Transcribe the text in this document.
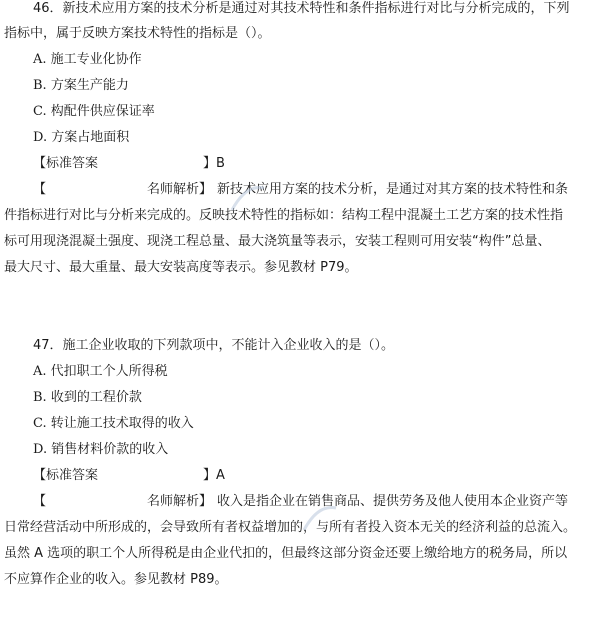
46．新技术应用方案的技术分析是通过对其技术特性和条件指标进行对比与分析完成的，下列
指标中，属于反映方案技术特性的指标是（）。
A. 施工专业化协作
B. 方案生产能力
C. 构配件供应保证率
D. 方案占地面积
【标准答案	】B
【	名师解析】 新技术应用方案的技术分析，是通过对其方案的技术特性和条
件指标进行对比与分析来完成的。反映技术特性的指标如：结构工程中混凝土工艺方案的技术性指
标可用现浇混凝土强度、现浇工程总量、最大浇筑量等表示，安装工程则可用安装“构件”总量、
最大尺寸、最大重量、最大安装高度等表示。参见教材 P79。
47．施工企业收取的下列款项中，不能计入企业收入的是（）。
A. 代扣职工个人所得税
B. 收到的工程价款
C. 转让施工技术取得的收入
D. 销售材料价款的收入
【标准答案	】A
【	名师解析】 收入是指企业在销售商品、提供劳务及他人使用本企业资产等
日常经营活动中所形成的，会导致所有者权益增加的，与所有者投入资本无关的经济利益的总流入。
虽然 A 选项的职工个人所得税是由企业代扣的，但最终这部分资金还要上缴给地方的税务局，所以
不应算作企业的收入。参见教材 P89。
